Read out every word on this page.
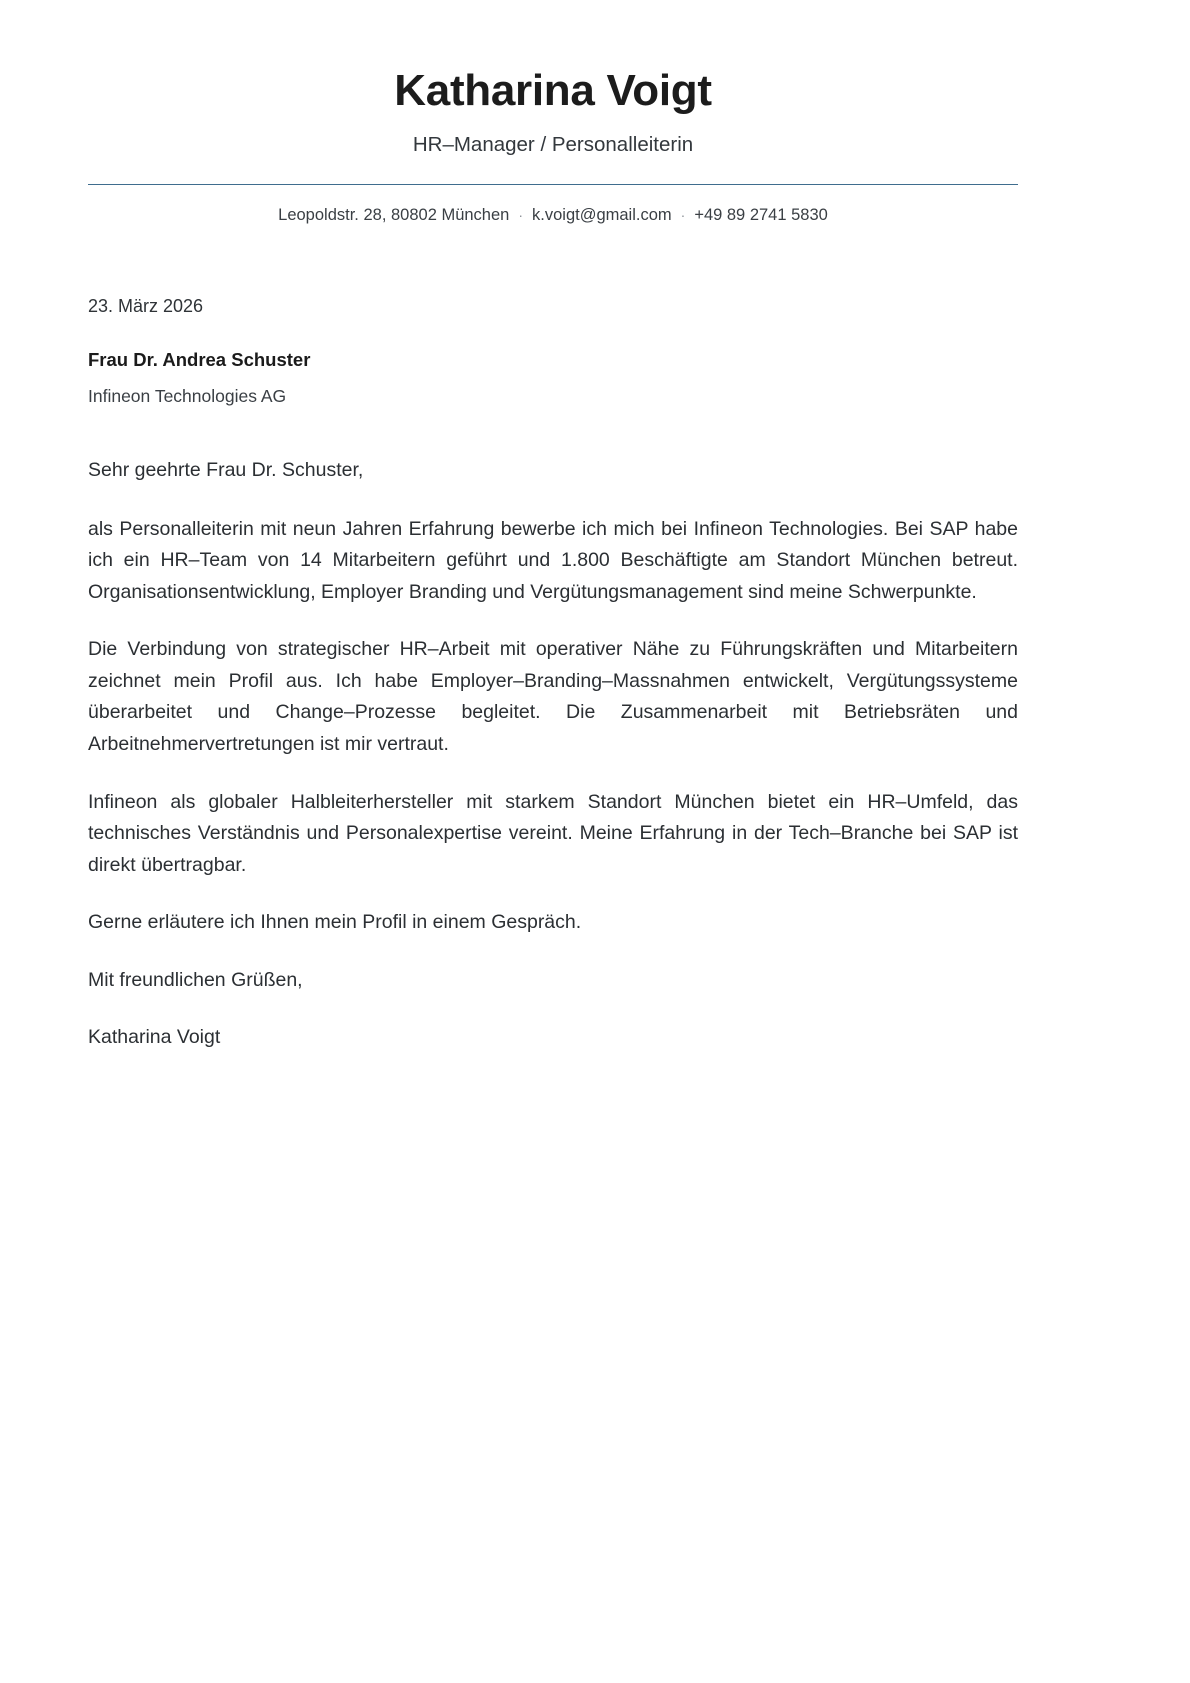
Katharina Voigt
HR–Manager / Personalleiterin
Leopoldstr. 28, 80802 München · k.voigt@gmail.com · +49 89 2741 5830
23. März 2026
Frau Dr. Andrea Schuster
Infineon Technologies AG
Sehr geehrte Frau Dr. Schuster,

als Personalleiterin mit neun Jahren Erfahrung bewerbe ich mich bei Infineon Technologies. Bei SAP habe ich ein HR–Team von 14 Mitarbeitern geführt und 1.800 Beschäftigte am Standort München betreut. Organisationsentwicklung, Employer Branding und Vergütungsmanagement sind meine Schwerpunkte.

Die Verbindung von strategischer HR–Arbeit mit operativer Nähe zu Führungskräften und Mitarbeitern zeichnet mein Profil aus. Ich habe Employer–Branding–Massnahmen entwickelt, Vergütungssysteme überarbeitet und Change–Prozesse begleitet. Die Zusammenarbeit mit Betriebsräten und Arbeitnehmervertretungen ist mir vertraut.

Infineon als globaler Halbleiterhersteller mit starkem Standort München bietet ein HR–Umfeld, das technisches Verständnis und Personalexpertise vereint. Meine Erfahrung in der Tech–Branche bei SAP ist direkt übertragbar.

Gerne erläutere ich Ihnen mein Profil in einem Gespräch.

Mit freundlichen Grüßen,

Katharina Voigt
